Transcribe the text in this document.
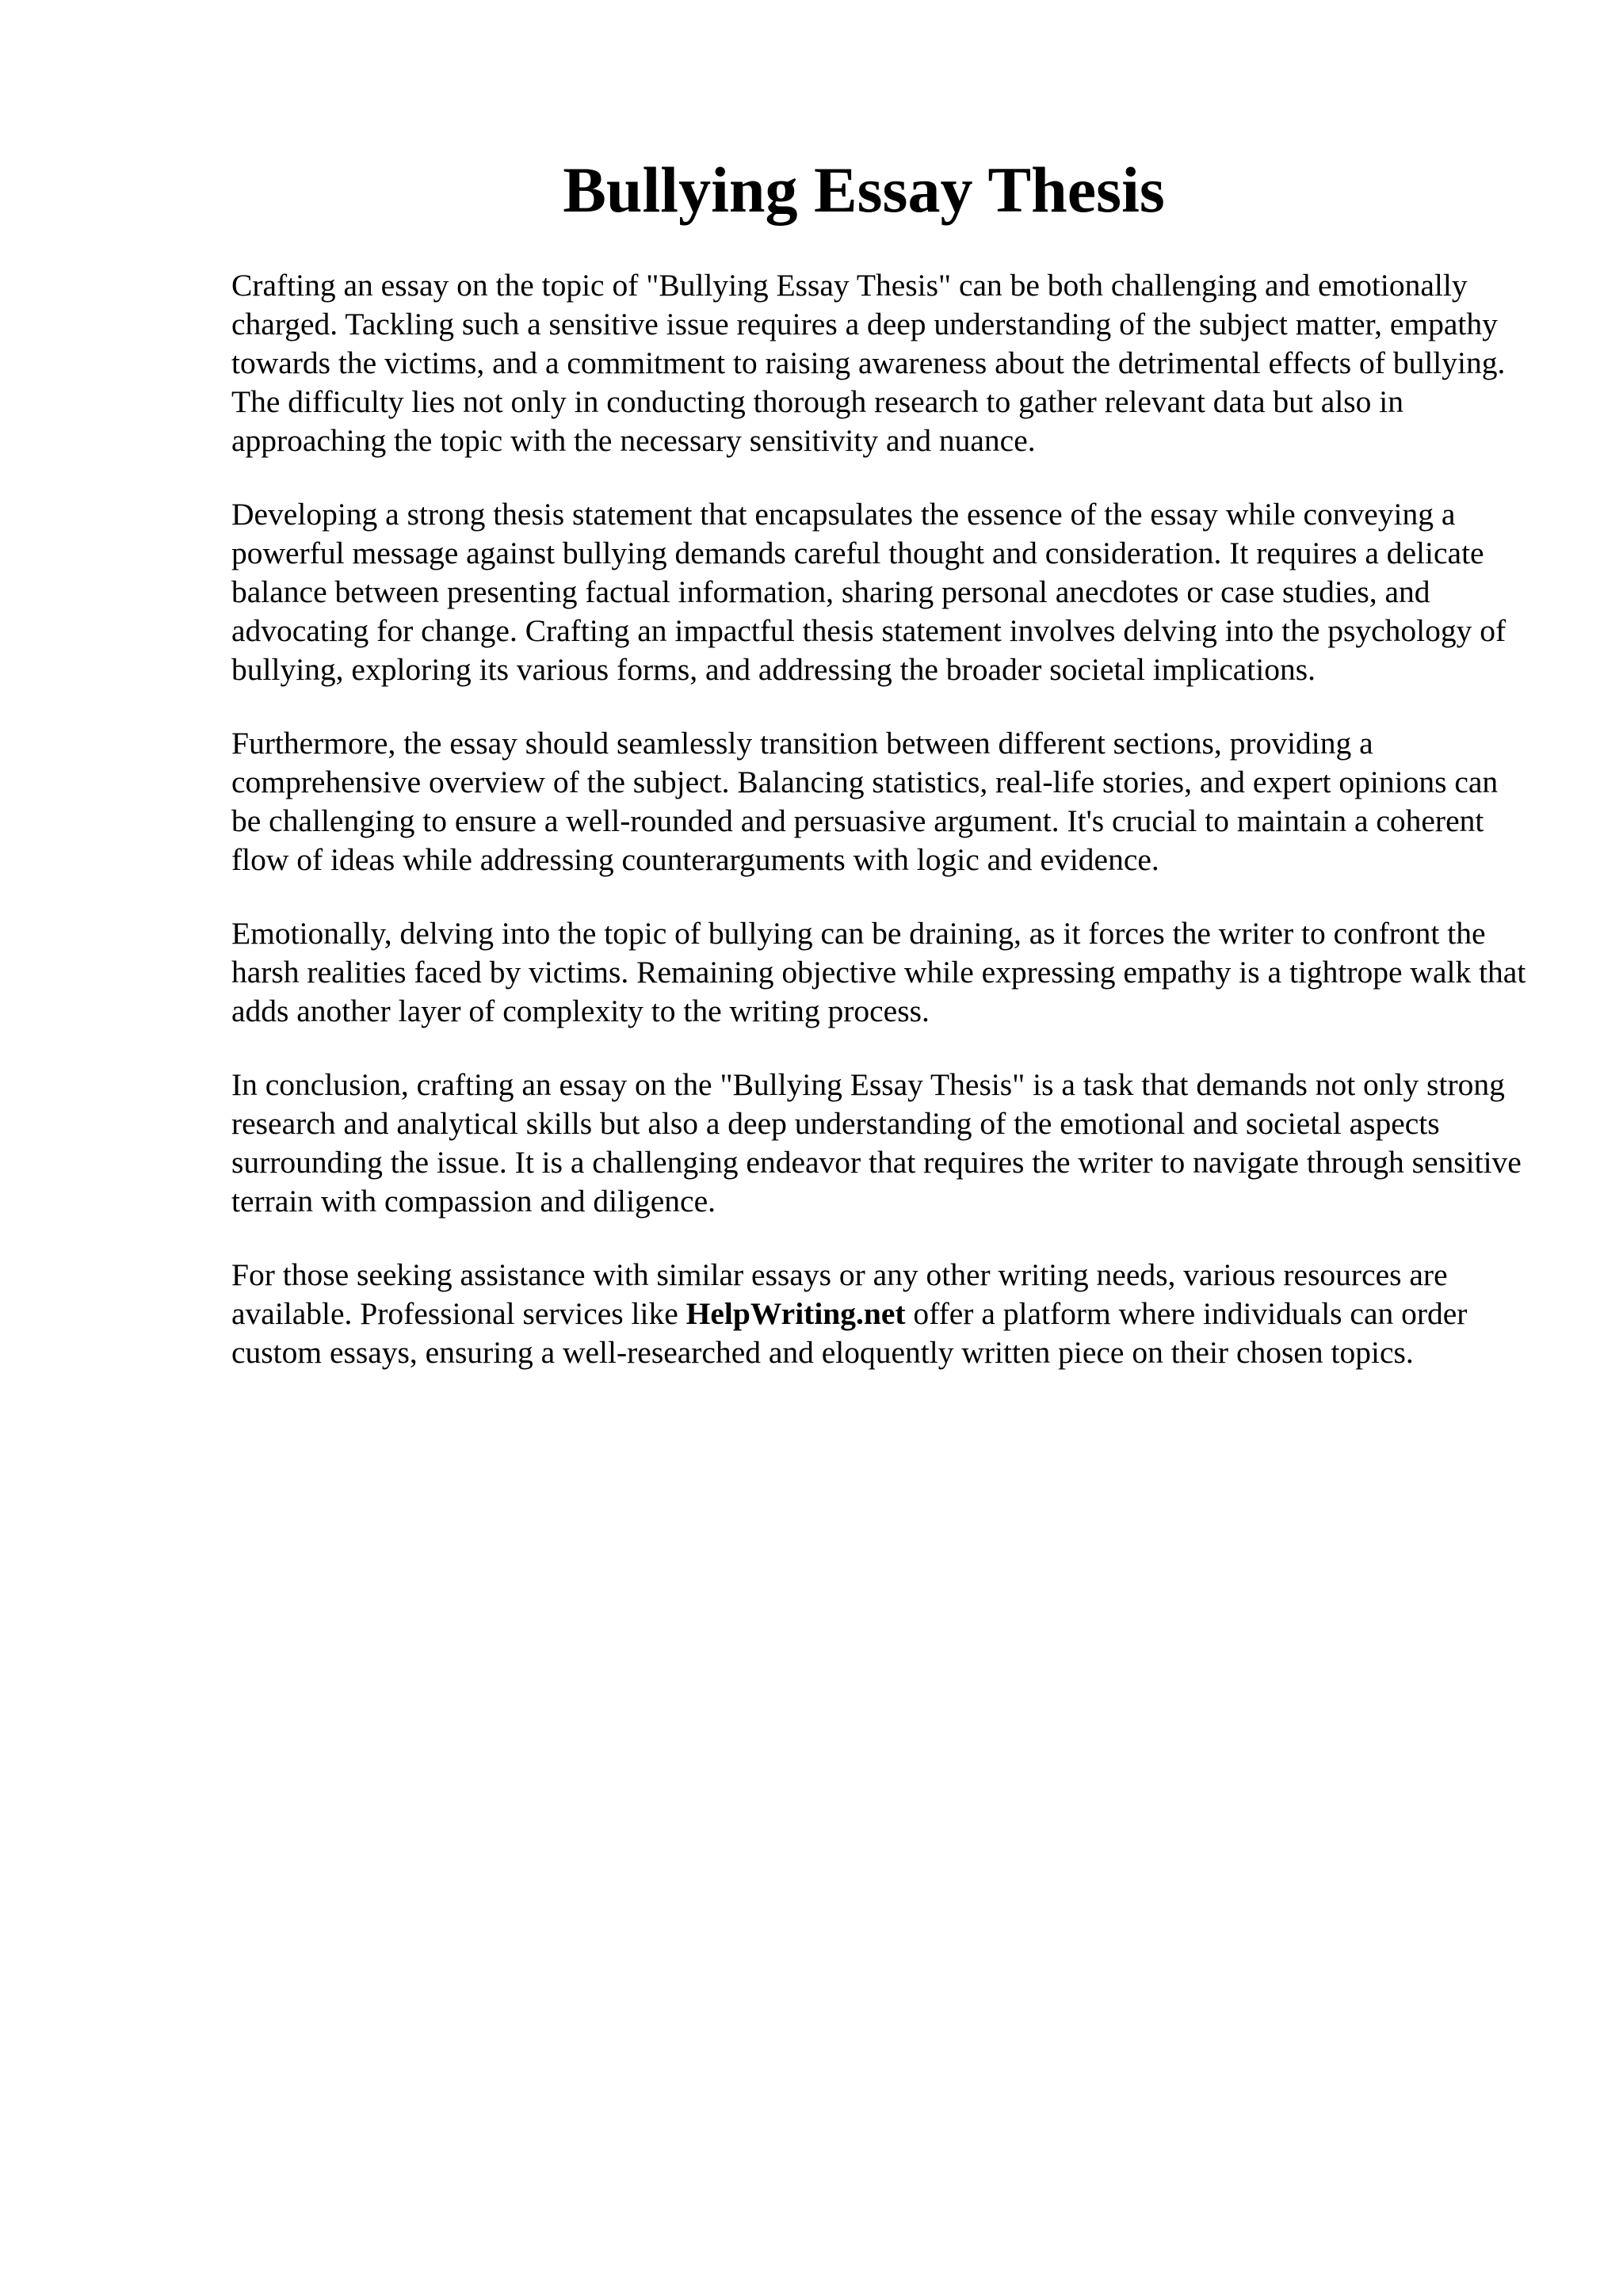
Bullying Essay Thesis

Crafting an essay on the topic of "Bullying Essay Thesis" can be both challenging and emotionally charged. Tackling such a sensitive issue requires a deep understanding of the subject matter, empathy towards the victims, and a commitment to raising awareness about the detrimental effects of bullying. The difficulty lies not only in conducting thorough research to gather relevant data but also in approaching the topic with the necessary sensitivity and nuance.

Developing a strong thesis statement that encapsulates the essence of the essay while conveying a powerful message against bullying demands careful thought and consideration. It requires a delicate balance between presenting factual information, sharing personal anecdotes or case studies, and advocating for change. Crafting an impactful thesis statement involves delving into the psychology of bullying, exploring its various forms, and addressing the broader societal implications.

Furthermore, the essay should seamlessly transition between different sections, providing a comprehensive overview of the subject. Balancing statistics, real-life stories, and expert opinions can be challenging to ensure a well-rounded and persuasive argument. It's crucial to maintain a coherent flow of ideas while addressing counterarguments with logic and evidence.

Emotionally, delving into the topic of bullying can be draining, as it forces the writer to confront the harsh realities faced by victims. Remaining objective while expressing empathy is a tightrope walk that adds another layer of complexity to the writing process.

In conclusion, crafting an essay on the "Bullying Essay Thesis" is a task that demands not only strong research and analytical skills but also a deep understanding of the emotional and societal aspects surrounding the issue. It is a challenging endeavor that requires the writer to navigate through sensitive terrain with compassion and diligence.

For those seeking assistance with similar essays or any other writing needs, various resources are available. Professional services like HelpWriting.net offer a platform where individuals can order custom essays, ensuring a well-researched and eloquently written piece on their chosen topics.
